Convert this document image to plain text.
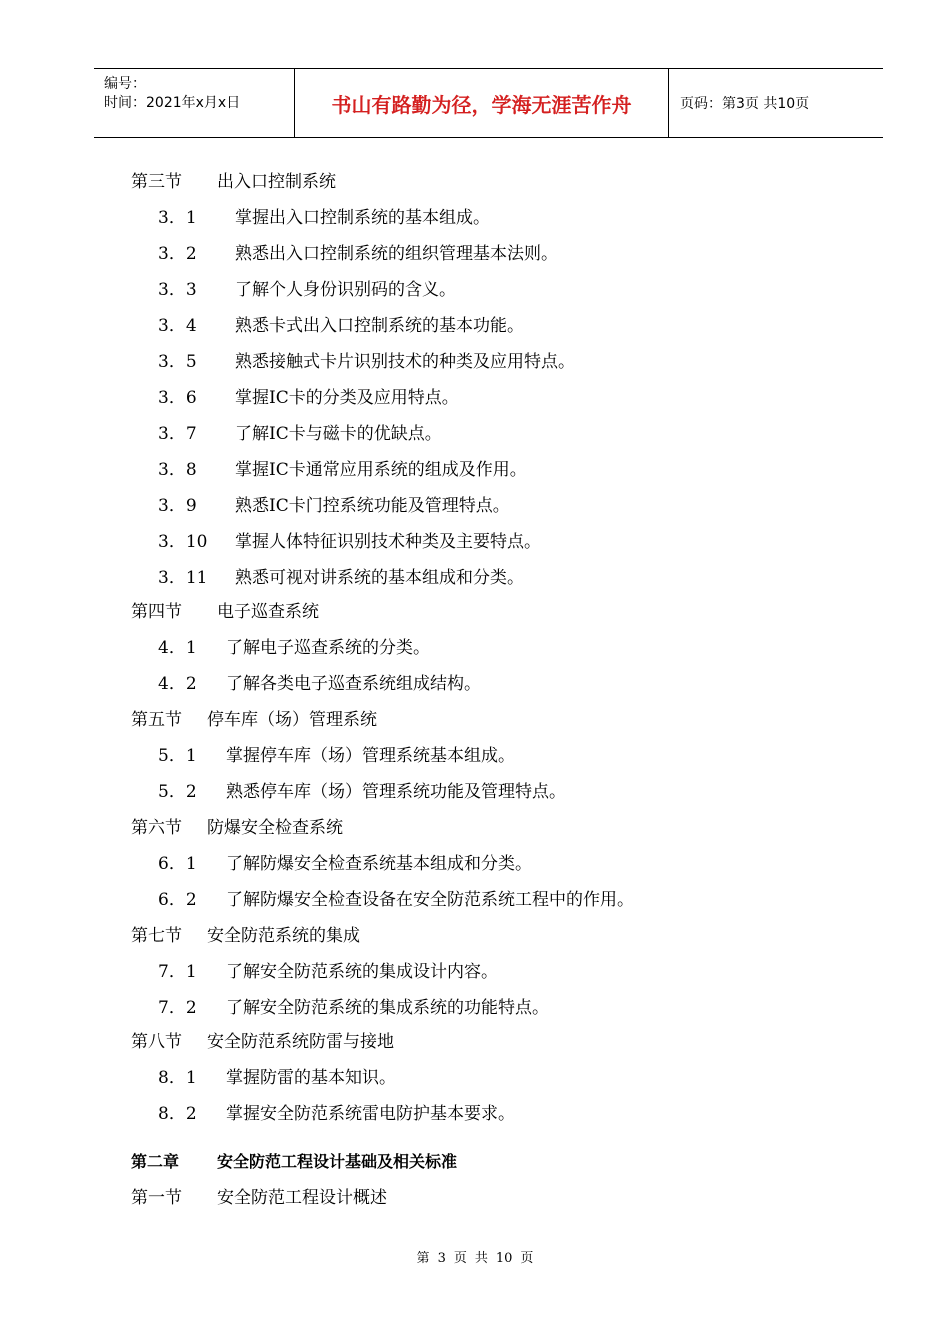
编号：
时间：2021年x月x日	书山有路勤为径，学海无涯苦作舟	页码：第3页 共10页
第三节 出入口控制系统
3．1 掌握出入口控制系统的基本组成。
3．2 熟悉出入口控制系统的组织管理基本法则。
3．3 了解个人身份识别码的含义。
3．4 熟悉卡式出入口控制系统的基本功能。
3．5 熟悉接触式卡片识别技术的种类及应用特点。
3．6 掌握IC卡的分类及应用特点。
3．7 了解IC卡与磁卡的优缺点。
3．8 掌握IC卡通常应用系统的组成及作用。
3．9 熟悉IC卡门控系统功能及管理特点。
3．10 掌握人体特征识别技术种类及主要特点。
3．11 熟悉可视对讲系统的基本组成和分类。
第四节 电子巡查系统
4．1 了解电子巡查系统的分类。
4．2 了解各类电子巡查系统组成结构。
第五节 停车库（场）管理系统
5．1 掌握停车库（场）管理系统基本组成。
5．2 熟悉停车库（场）管理系统功能及管理特点。
第六节 防爆安全检查系统
6．1 了解防爆安全检查系统基本组成和分类。
6．2 了解防爆安全检查设备在安全防范系统工程中的作用。
第七节 安全防范系统的集成
7．1 了解安全防范系统的集成设计内容。
7．2 了解安全防范系统的集成系统的功能特点。
第八节 安全防范系统防雷与接地
8．1 掌握防雷的基本知识。
8．2 掌握安全防范系统雷电防护基本要求。
第二章 安全防范工程设计基础及相关标准
第一节 安全防范工程设计概述
第 3 页 共 10 页
